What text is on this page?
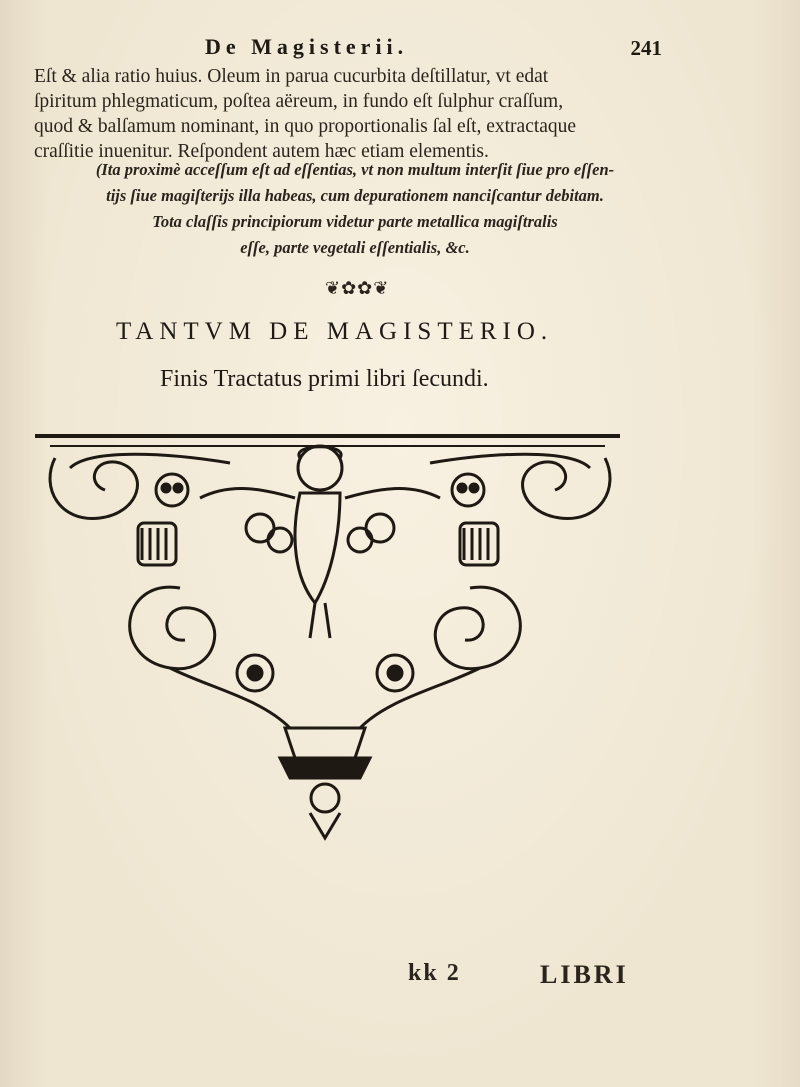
De Magisterii.	241
Eſt & alia ratio huius. Oleum in parua cucurbita deſtillatur, vt edat
ſpiritum phlegmaticum, poſtea aëreum, in fundo eſt ſulphur craſſum,
quod & balſamum nominant, in quo proportionalis ſal eſt, extractaque
craſſitie inuenitur. Reſpondent autem hæc etiam elementis.
(Ita proximè acceſſum eſt ad eſſentias, vt non multum interſit ſiue pro eſſen-
tijs ſiue magiſterijs illa habeas, cum depurationem nanciſcantur debitam.
Tota claſſis principiorum videtur parte metallica magiſtralis
eſſe, parte vegetali eſſentialis, &c.
❦✿✿❦
TANTVM DE MAGISTERIO.
Finis Tractatus primi libri ſecundi.
kk 2	LIBRI
